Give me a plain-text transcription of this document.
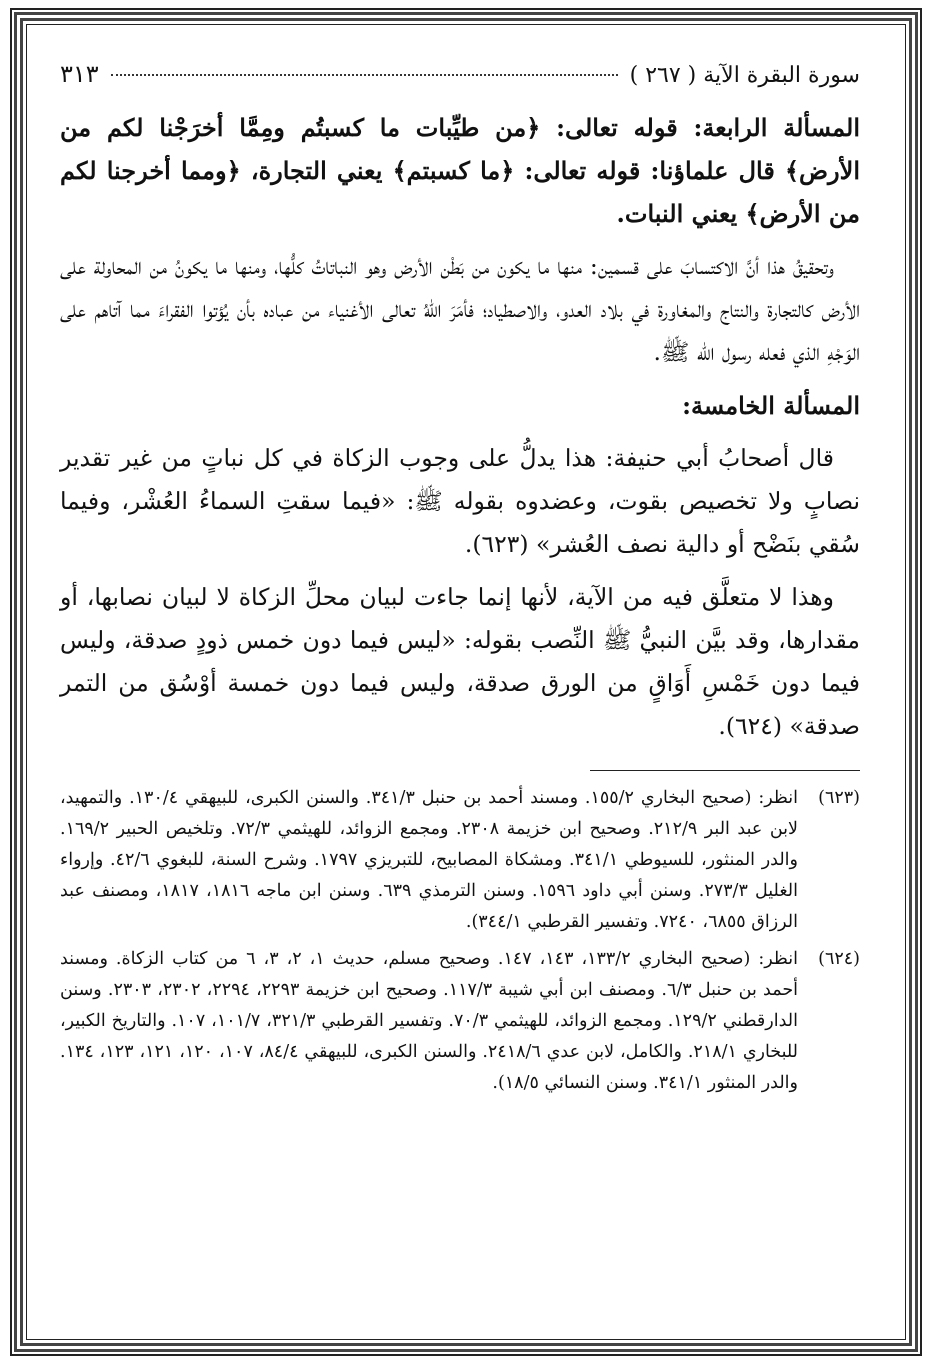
سورة البقرة الآية ( ٢٦٧ )
٣١٣

المسألة الرابعة: قوله تعالى: ﴿من طيِّبات ما كسبتُم ومِمَّا أخرَجْنا لكم من الأرض﴾ قال علماؤنا: قوله تعالى: ﴿ما كسبتم﴾ يعني التجارة، ﴿ومما أخرجنا لكم من الأرض﴾ يعني النبات.

وتحقيقُ هذا أنَّ الاكتسابَ على قسمين: منها ما يكون من بَطْن الأرض وهو النباتاتُ كلُّها، ومنها ما يكونُ من المحاولة على الأرض كالتجارة والنتاج والمغاورة في بلاد العدو، والاصطياد؛ فأمَرَ اللهُ تعالى الأغنياء من عباده بأن يُؤتوا الفقراءَ مما آتاهم على الوَجْهِ الذي فعله رسول الله ﷺ.

المسألة الخامسة:

قال أصحابُ أبي حنيفة: هذا يدلُّ على وجوب الزكاة في كل نباتٍ من غير تقدير نصابٍ ولا تخصيص بقوت، وعضدوه بقوله ﷺ: «فيما سقتِ السماءُ العُشْر، وفيما سُقي بنَضْح أو دالية نصف العُشر» (٦٢٣).

وهذا لا متعلَّق فيه من الآية، لأنها إنما جاءت لبيان محلِّ الزكاة لا لبيان نصابها، أو مقدارها، وقد بيَّن النبيُّ ﷺ النِّصب بقوله: «ليس فيما دون خمس ذودٍ صدقة، وليس فيما دون خَمْسِ أَوَاقٍ من الورق صدقة، وليس فيما دون خمسة أوْسُق من التمر صدقة» (٦٢٤).

(٦٢٣)
انظر: (صحيح البخاري ١٥٥/٢. ومسند أحمد بن حنبل ٣٤١/٣. والسنن الكبرى، للبيهقي ١٣٠/٤. والتمهيد، لابن عبد البر ٢١٢/٩. وصحيح ابن خزيمة ٢٣٠٨. ومجمع الزوائد، للهيثمي ٧٢/٣. وتلخيص الحبير ١٦٩/٢. والدر المنثور، للسيوطي ٣٤١/١. ومشكاة المصابيح، للتبريزي ١٧٩٧. وشرح السنة، للبغوي ٤٢/٦. وإرواء الغليل ٢٧٣/٣. وسنن أبي داود ١٥٩٦. وسنن الترمذي ٦٣٩. وسنن ابن ماجه ١٨١٦، ١٨١٧، ومصنف عبد الرزاق ٦٨٥٥، ٧٢٤٠. وتفسير القرطبي ٣٤٤/١).
(٦٢٤)
انظر: (صحيح البخاري ١٣٣/٢، ١٤٣، ١٤٧. وصحيح مسلم، حديث ١، ٢، ٣، ٦ من كتاب الزكاة. ومسند أحمد بن حنبل ٦/٣. ومصنف ابن أبي شيبة ١١٧/٣. وصحيح ابن خزيمة ٢٢٩٣، ٢٢٩٤، ٢٣٠٢، ٢٣٠٣. وسنن الدارقطني ١٢٩/٢. ومجمع الزوائد، للهيثمي ٧٠/٣. وتفسير القرطبي ٣٢١/٣، ١٠١/٧، ١٠٧. والتاريخ الكبير، للبخاري ٢١٨/١. والكامل، لابن عدي ٢٤١٨/٦. والسنن الكبرى، للبيهقي ٨٤/٤، ١٠٧، ١٢٠، ١٢١، ١٢٣، ١٣٤. والدر المنثور ٣٤١/١. وسنن النسائي ١٨/٥).
